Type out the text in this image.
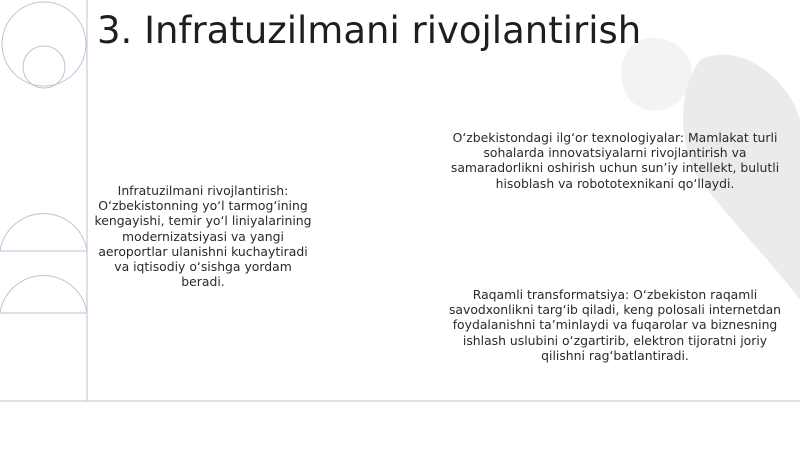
3. Infratuzilmani rivojlantirish

Infratuzilmani rivojlantirish: O‘zbekistonning yo‘l tarmog‘ining kengayishi, temir yo‘l liniyalarining modernizatsiyasi va yangi aeroportlar ulanishni kuchaytiradi va iqtisodiy o‘sishga yordam beradi.

O‘zbekistondagi ilg‘or texnologiyalar: Mamlakat turli sohalarda innovatsiyalarni rivojlantirish va samaradorlikni oshirish uchun sun’iy intellekt, bulutli hisoblash va robototexnikani qo‘llaydi.

Raqamli transformatsiya: O‘zbekiston raqamli savodxonlikni targ‘ib qiladi, keng polosali internetdan foydalanishni ta’minlaydi va fuqarolar va biznesning ishlash uslubini o‘zgartirib, elektron tijoratni joriy qilishni rag‘batlantiradi.
